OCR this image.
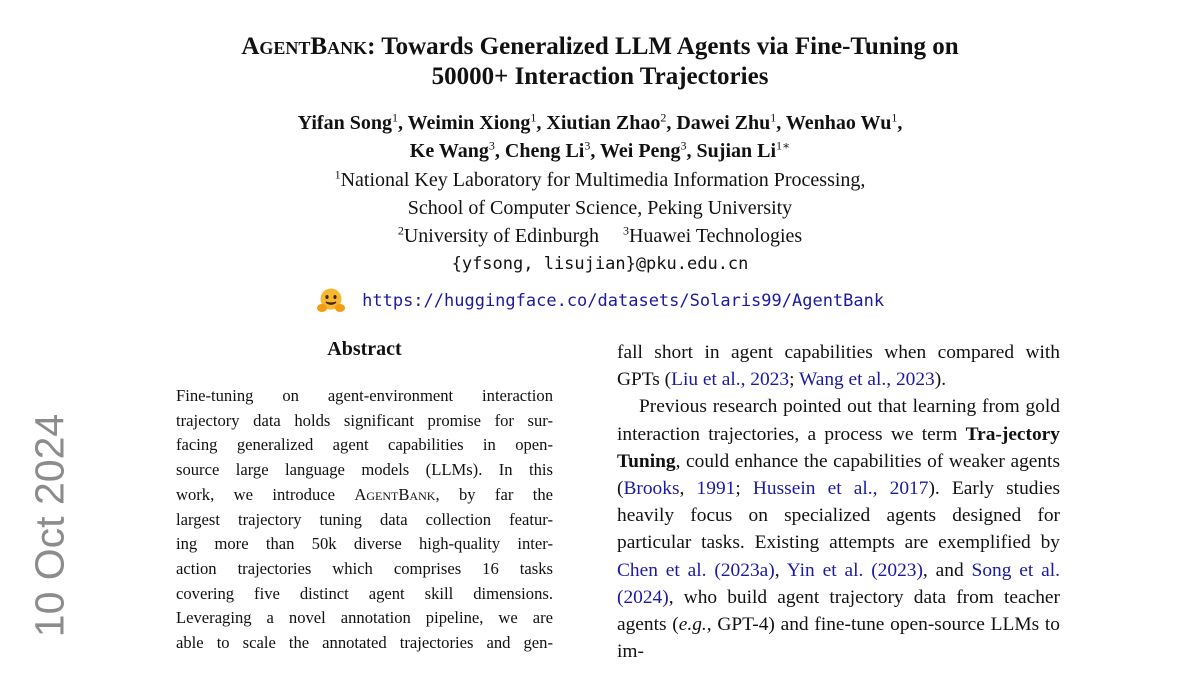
10 Oct 2024
AgentBank: Towards Generalized LLM Agents via Fine-Tuning on
50000+ Interaction Trajectories
Yifan Song$^1$, Weimin Xiong$^1$, Xiutian Zhao$^2$, Dawei Zhu$^1$, Wenhao Wu$^1$,
Ke Wang$^3$, Cheng Li$^3$, Wei Peng$^3$, Sujian $Li^{1∗}$
$^1$National Key Laboratory for Multimedia Information Processing,
School of Computer Science, Peking University
$^2$University of Edinburgh $^3$Huawei Technologies
{yfsong, lisujian}@pku.edu.cn
https://huggingface.co/datasets/Solaris99/AgentBank
Abstract
Fine-tuning on agent-environment interaction
trajectory data holds significant promise for sur-
facing generalized agent capabilities in open-
source large language models (LLMs). In this
work, we introduce AgentBank, by far the
largest trajectory tuning data collection featur-
ing more than 50k diverse high-quality inter-
action trajectories which comprises 16 tasks
covering five distinct agent skill dimensions.
Leveraging a novel annotation pipeline, we are
able to scale the annotated trajectories and gen-

fall short in agent capabilities when compared with GPTs (Liu et al., 2023; Wang et al., 2023).

Previous research pointed out that learning from gold interaction trajectories, a process we term Tra-jectory Tuning, could enhance the capabilities of weaker agents (Brooks, 1991; Hussein et al., 2017). Early studies heavily focus on specialized agents designed for particular tasks. Existing attempts are exemplified by Chen et al. (2023a), Yin et al. (2023), and Song et al. (2024), who build agent trajectory data from teacher agents (e.g., GPT-4) and fine-tune open-source LLMs to im-
